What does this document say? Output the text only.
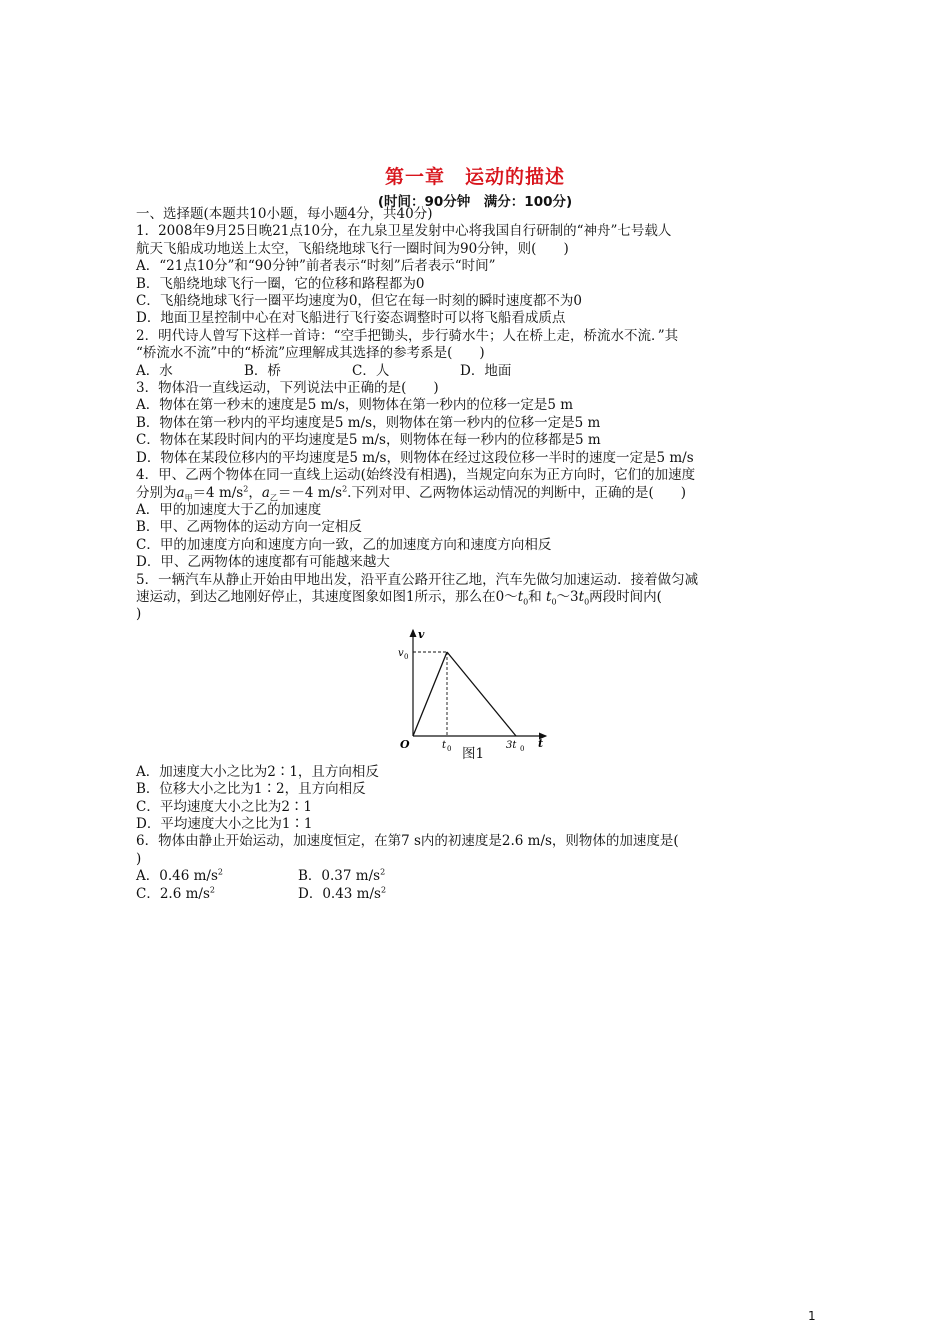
第一章　运动的描述
(时间：90分钟　满分：100分)

一、选择题(本题共10小题，每小题4分，共40分)

1．2008年9月25日晚21点10分，在九泉卫星发射中心将我国自行研制的“神舟”七号载人

航天飞船成功地送上太空，飞船绕地球飞行一圈时间为90分钟，则(　　)

A．“21点10分”和“90分钟”前者表示“时刻”后者表示“时间”

B．飞船绕地球飞行一圈，它的位移和路程都为0

C．飞船绕地球飞行一圈平均速度为0，但它在每一时刻的瞬时速度都不为0

D．地面卫星控制中心在对飞船进行飞行姿态调整时可以将飞船看成质点

2．明代诗人曾写下这样一首诗：“空手把锄头，步行骑水牛；人在桥上走，桥流水不流．”其

“桥流水不流”中的“桥流”应理解成其选择的参考系是(　　)

A．水	B．桥	C．人	D．地面

3．物体沿一直线运动，下列说法中正确的是(　　)

A．物体在第一秒末的速度是5 m/s，则物体在第一秒内的位移一定是5 m

B．物体在第一秒内的平均速度是5 m/s，则物体在第一秒内的位移一定是5 m

C．物体在某段时间内的平均速度是5 m/s，则物体在每一秒内的位移都是5 m

D．物体在某段位移内的平均速度是5 m/s，则物体在经过这段位移一半时的速度一定是5 m/s

4．甲、乙两个物体在同一直线上运动(始终没有相遇)，当规定向东为正方向时，它们的加速度

分别为$a_甲=4$ $m/s^2$，$a_乙=-4$ $m/s^2$.下列对甲、乙两物体运动情况的判断中，正确的是(　　)

A．甲的加速度大于乙的加速度

B．甲、乙两物体的运动方向一定相反

C．甲的加速度方向和速度方向一致，乙的加速度方向和速度方向相反

D．甲、乙两物体的速度都有可能越来越大

5．一辆汽车从静止开始由甲地出发，沿平直公路开往乙地，汽车先做匀加速运动．接着做匀减

速运动，到达乙地刚好停止，其速度图象如图1所示，那么在$0\sim t_0$和 $t_0\sim 3t_0$两段时间内(

)

v
t
v 0
O	t 0	3t 0
图1

A．加速度大小之比为2∶1，且方向相反

B．位移大小之比为1∶2，且方向相反

C．平均速度大小之比为2∶1

D．平均速度大小之比为1∶1

6．物体由静止开始运动，加速度恒定，在第7 s内的初速度是2.6 m/s，则物体的加速度是(

)

A．0.46 $m/s^2$	B．0.37 $m/s^2$

C．2.6 $m/s^2$	D．0.43 $m/s^2$

1
